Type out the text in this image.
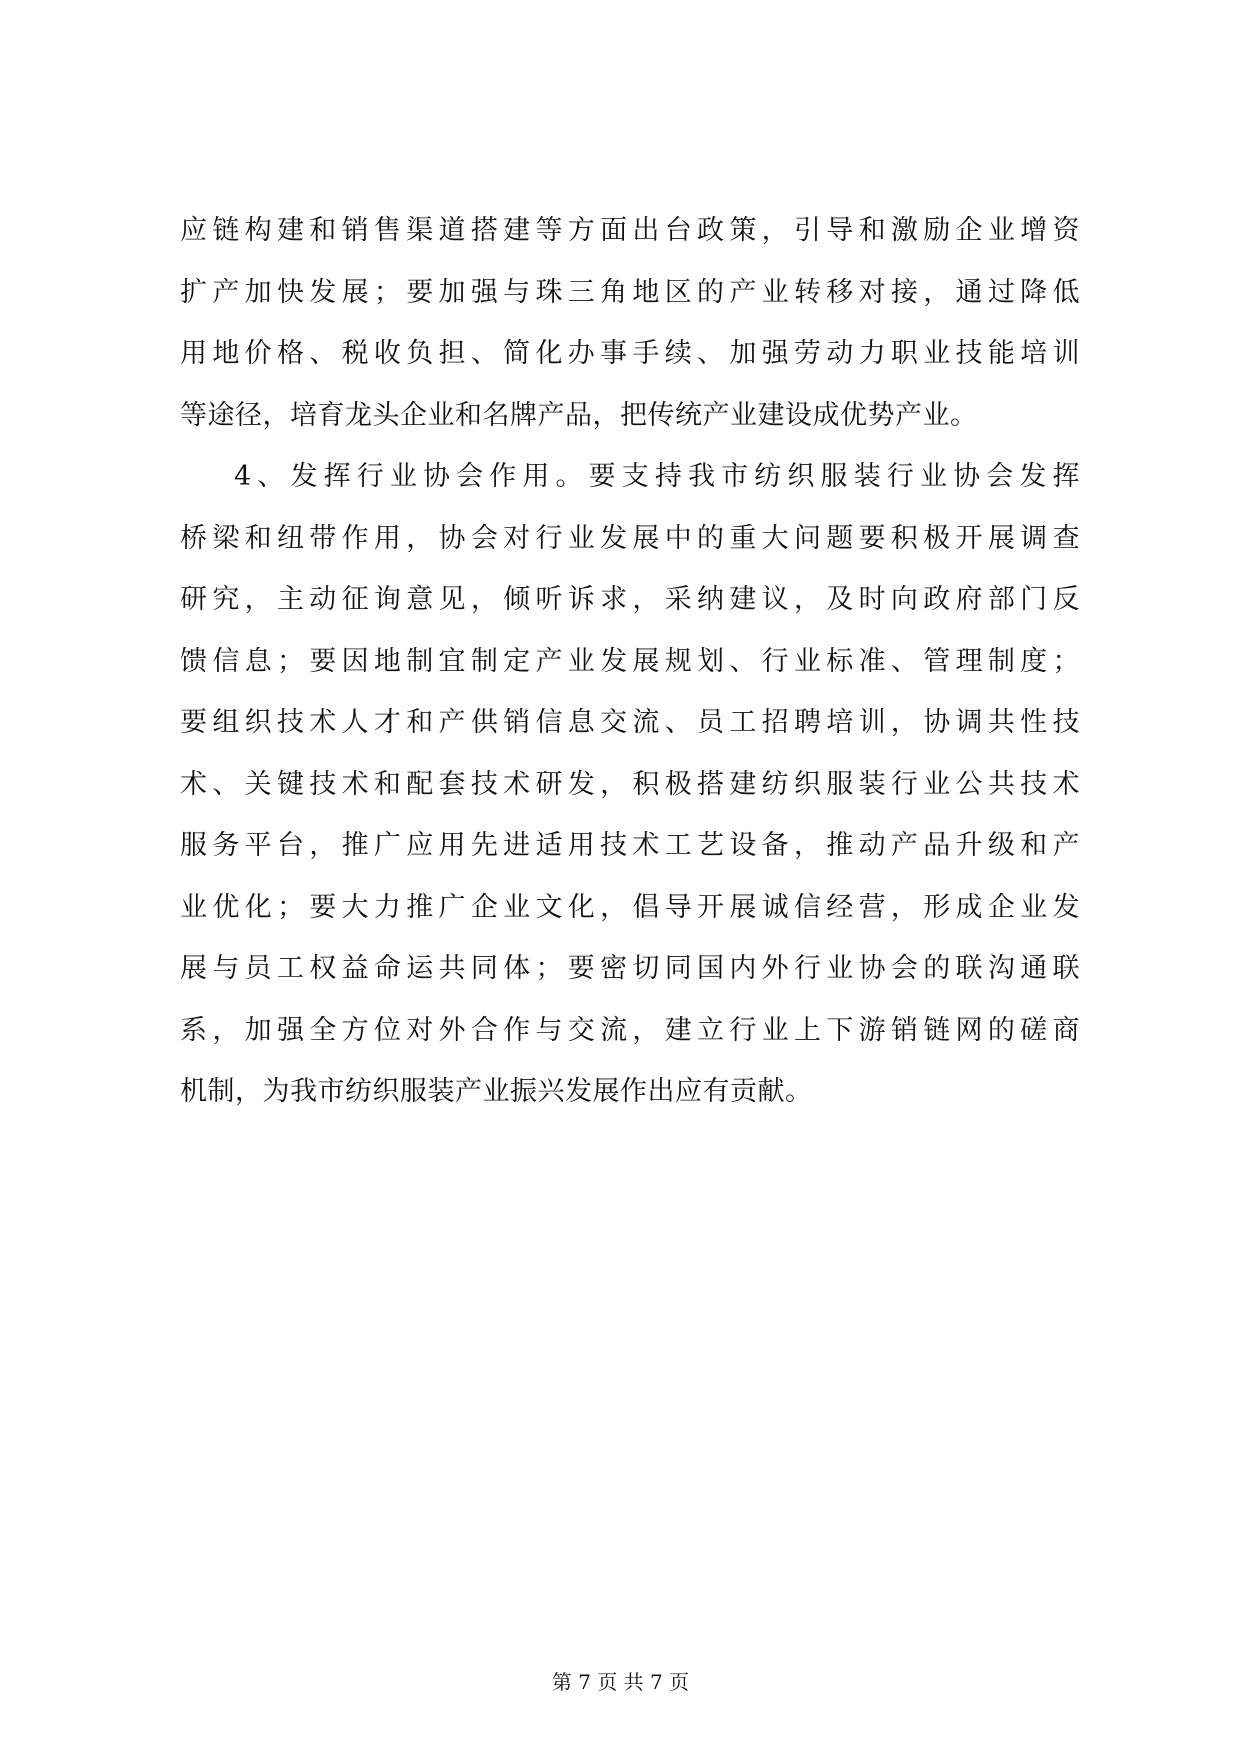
应链构建和销售渠道搭建等方面出台政策，引导和激励企业增资
扩产加快发展；要加强与珠三角地区的产业转移对接，通过降低
用地价格、税收负担、简化办事手续、加强劳动力职业技能培训
等途径，培育龙头企业和名牌产品，把传统产业建设成优势产业。
4、发挥行业协会作用。要支持我市纺织服装行业协会发挥
桥梁和纽带作用，协会对行业发展中的重大问题要积极开展调查
研究，主动征询意见，倾听诉求，采纳建议，及时向政府部门反
馈信息；要因地制宜制定产业发展规划、行业标准、管理制度；
要组织技术人才和产供销信息交流、员工招聘培训，协调共性技
术、关键技术和配套技术研发，积极搭建纺织服装行业公共技术
服务平台，推广应用先进适用技术工艺设备，推动产品升级和产
业优化；要大力推广企业文化，倡导开展诚信经营，形成企业发
展与员工权益命运共同体；要密切同国内外行业协会的联沟通联
系，加强全方位对外合作与交流，建立行业上下游销链网的磋商
机制，为我市纺织服装产业振兴发展作出应有贡献。
第 7 页 共 7 页
